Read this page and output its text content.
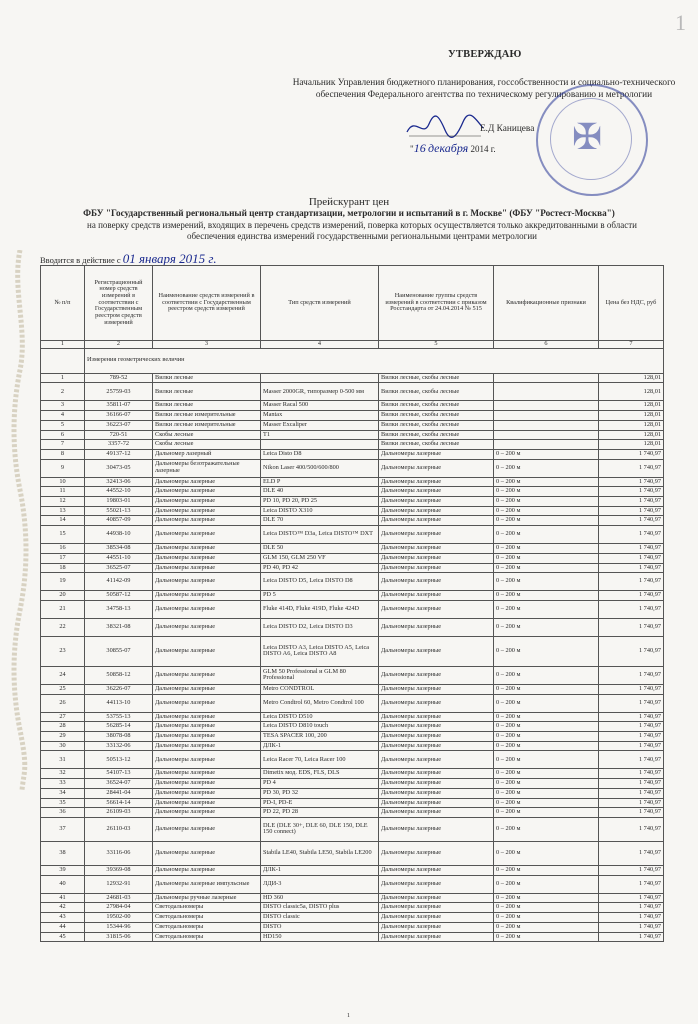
1
УТВЕРЖДАЮ
Начальник Управления бюджетного планирования, госсобственности и социально-технического обеспечения Федерального агентства по техническому регулированию и метрологии
✠
Е.Д Каницева
"16 декабря 2014 г.
Прейскурант цен
ФБУ "Государственный региональный центр стандартизации, метрологии и испытаний в г. Москве" (ФБУ "Ростест-Москва")
на поверку средств измерений, входящих в перечень средств измерений, поверка которых осуществляется только аккредитованными в области обеспечения единства измерений государственными региональными центрами метрологии
Вводится в действие с 01 января 2015 г.
№ п/п	Регистрационный номер средств измерений в соответствии с Государственным реестром средств измерений	Наименование средств измерений в соответствии с Государственным реестром средств измерений	Тип средств измерений	Наименование группы средств измерений в соответствии с приказом Росстандарта от 24.04.2014 № 515	Квалификационные признаки	Цена без НДС, руб
1	2	3	4	5	6	7
	Измерения геометрических величин					
1	789-52	Вилки лесные		Вилки лесные, скобы лесные		128,01
2	25759-03	Вилки лесные	Masser 2000GR, типоразмер 0-500 мм	Вилки лесные, скобы лесные		128,01
3	35811-07	Вилки лесные	Masser Racal 500	Вилки лесные, скобы лесные		128,01
4	36166-07	Вилки лесные измерительные	Mantax	Вилки лесные, скобы лесные		128,01
5	36223-07	Вилки лесные измерительные	Masser Excaliper	Вилки лесные, скобы лесные		128,01
6	720-51	Скобы лесные	Т1	Вилки лесные, скобы лесные		128,01
7	3357-72	Скобы лесные		Вилки лесные, скобы лесные		128,01
8	49137-12	Дальномер лазерный	Leica Disto D8	Дальномеры лазерные	0 – 200 м	1 740,97
9	30473-05	Дальномеры безотражательные лазерные	Nikon Laser 400/500/600/800	Дальномеры лазерные	0 – 200 м	1 740,97
10	32413-06	Дальномеры лазерные	ELD P	Дальномеры лазерные	0 – 200 м	1 740,97
11	44552-10	Дальномеры лазерные	DLE 40	Дальномеры лазерные	0 – 200 м	1 740,97
12	19803-01	Дальномеры лазерные	PD 10, PD 20, PD 25	Дальномеры лазерные	0 – 200 м	1 740,97
13	55021-13	Дальномеры лазерные	Leica DISTO X310	Дальномеры лазерные	0 – 200 м	1 740,97
14	40857-09	Дальномеры лазерные	DLE 70	Дальномеры лазерные	0 – 200 м	1 740,97
15	44938-10	Дальномеры лазерные	Leica DISTO™ D3a, Leica DISTO™ DXT	Дальномеры лазерные	0 – 200 м	1 740,97
16	38534-08	Дальномеры лазерные	DLE 50	Дальномеры лазерные	0 – 200 м	1 740,97
17	44551-10	Дальномеры лазерные	GLM 150, GLM 250 VF	Дальномеры лазерные	0 – 200 м	1 740,97
18	36525-07	Дальномеры лазерные	PD 40, PD 42	Дальномеры лазерные	0 – 200 м	1 740,97
19	41142-09	Дальномеры лазерные	Leica DISTO D5, Leica DISTO D8	Дальномеры лазерные	0 – 200 м	1 740,97
20	50587-12	Дальномеры лазерные	PD 5	Дальномеры лазерные	0 – 200 м	1 740,97
21	34758-13	Дальномеры лазерные	Fluke 414D, Fluke 419D, Fluke 424D	Дальномеры лазерные	0 – 200 м	1 740,97
22	38321-08	Дальномеры лазерные	Leica DISTO D2, Leica DISTO D3	Дальномеры лазерные	0 – 200 м	1 740,97
23	30855-07	Дальномеры лазерные	Leica DISTO A3, Leica DISTO A5, Leica DISTO A6, Leica DISTO A8	Дальномеры лазерные	0 – 200 м	1 740,97
24	50858-12	Дальномеры лазерные	GLM 50 Professional и GLM 80 Professional	Дальномеры лазерные	0 – 200 м	1 740,97
25	36226-07	Дальномеры лазерные	Metro CONDTROL	Дальномеры лазерные	0 – 200 м	1 740,97
26	44113-10	Дальномеры лазерные	Metro Condtrol 60, Metro Condtrol 100	Дальномеры лазерные	0 – 200 м	1 740,97
27	53755-13	Дальномеры лазерные	Leica DISTO D510	Дальномеры лазерные	0 – 200 м	1 740,97
28	56285-14	Дальномеры лазерные	Leica DISTO D810 touch	Дальномеры лазерные	0 – 200 м	1 740,97
29	38078-08	Дальномеры лазерные	TESA SPACER 100, 200	Дальномеры лазерные	0 – 200 м	1 740,97
30	33132-06	Дальномеры лазерные	ДЛК-1	Дальномеры лазерные	0 – 200 м	1 740,97
31	50513-12	Дальномеры лазерные	Leica Racer 70, Leica Racer 100	Дальномеры лазерные	0 – 200 м	1 740,97
32	54107-13	Дальномеры лазерные	Dimetix мод. EDS, FLS, DLS	Дальномеры лазерные	0 – 200 м	1 740,97
33	36524-07	Дальномеры лазерные	PD 4	Дальномеры лазерные	0 – 200 м	1 740,97
34	28441-04	Дальномеры лазерные	PD 30, PD 32	Дальномеры лазерные	0 – 200 м	1 740,97
35	56614-14	Дальномеры лазерные	PD-I, PD-E	Дальномеры лазерные	0 – 200 м	1 740,97
36	26109-03	Дальномеры лазерные	PD 22, PD 28	Дальномеры лазерные	0 – 200 м	1 740,97
37	26110-03	Дальномеры лазерные	DLE (DLE 30+, DLE 60, DLE 150, DLE 150 connect)	Дальномеры лазерные	0 – 200 м	1 740,97
38	33116-06	Дальномеры лазерные	Stabila LE40, Stabila LE50, Stabila LE200	Дальномеры лазерные	0 – 200 м	1 740,97
39	39369-08	Дальномеры лазерные	ДЛК-1	Дальномеры лазерные	0 – 200 м	1 740,97
40	12932-91	Дальномеры лазерные импульсные	ЛДИ-3	Дальномеры лазерные	0 – 200 м	1 740,97
41	24681-03	Дальномеры ручные лазерные	HD 360	Дальномеры лазерные	0 – 200 м	1 740,97
42	27984-04	Светодальномеры	DISTO classic5a, DISTO plus	Дальномеры лазерные	0 – 200 м	1 740,97
43	19502-00	Светодальномеры	DISTO classic	Дальномеры лазерные	0 – 200 м	1 740,97
44	15344-96	Светодальномеры	DISTO	Дальномеры лазерные	0 – 200 м	1 740,97
45	31815-06	Светодальномеры	HD150	Дальномеры лазерные	0 – 200 м	1 740,97
1
